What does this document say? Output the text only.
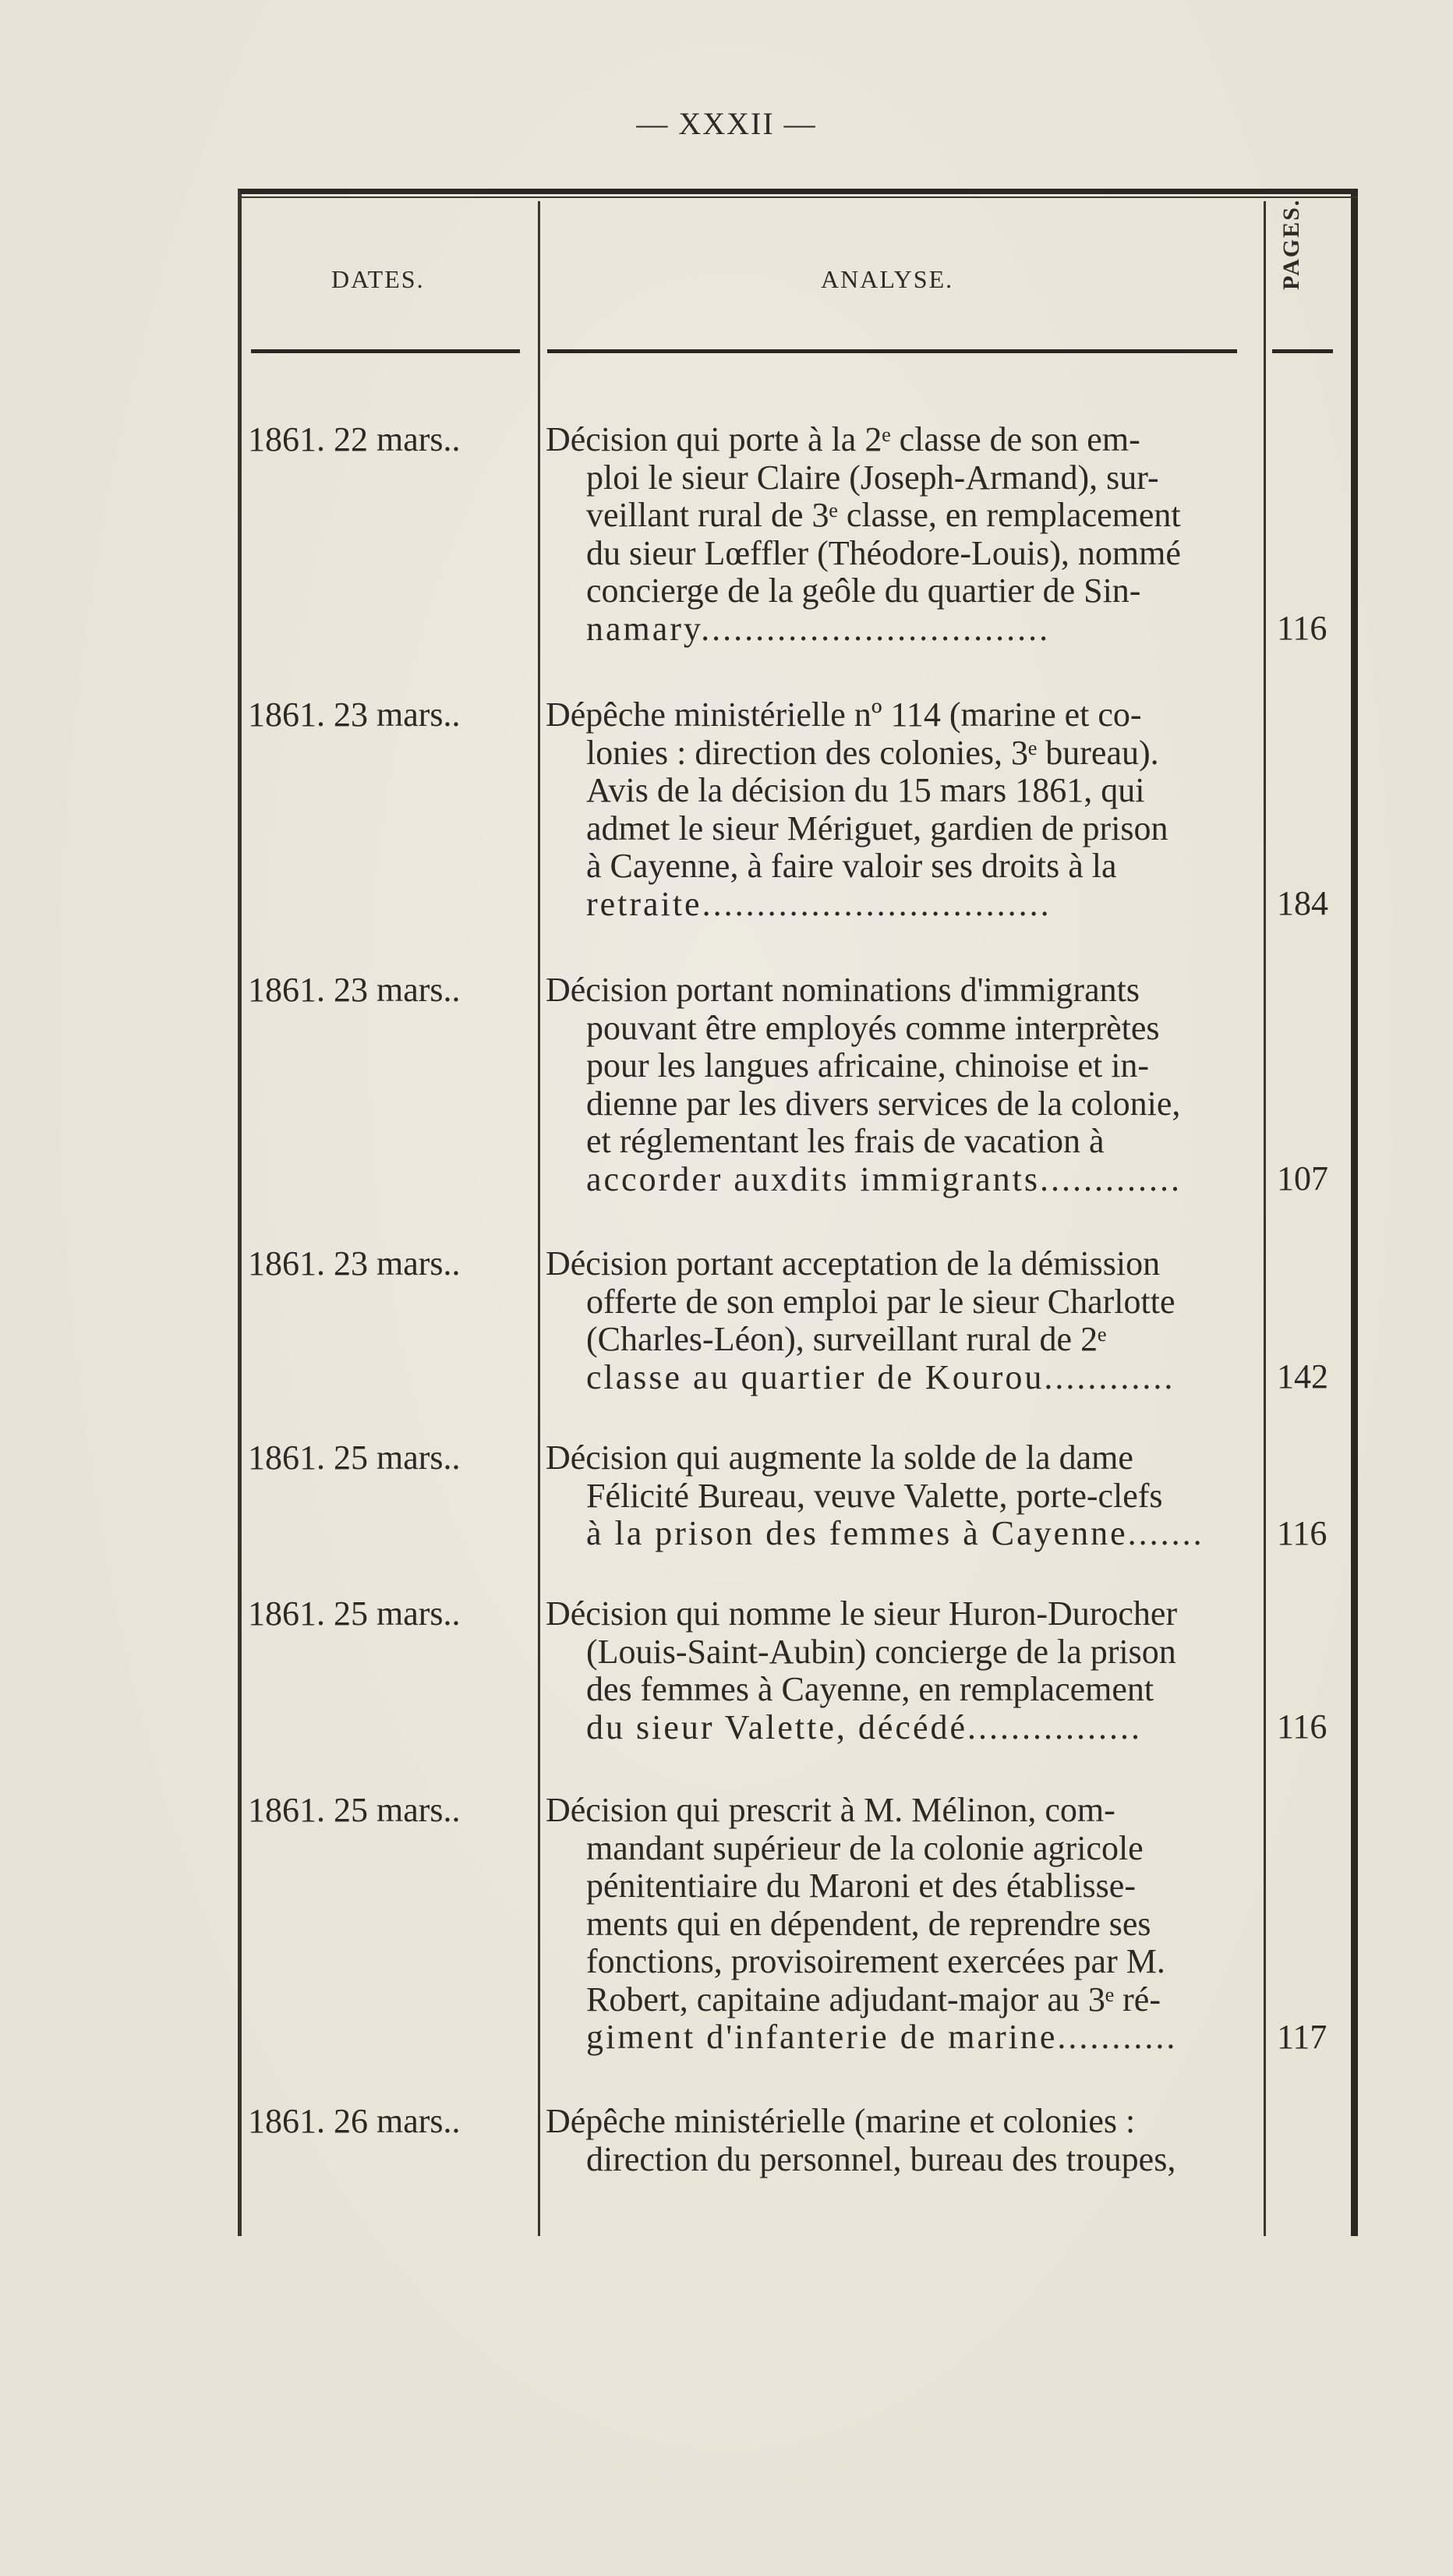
— XXXII —
DATES.	ANALYSE.	PAGES.
1861. 22 mars.. Décision qui porte à la 2ᵉ classe de son em-
ploi le sieur Claire (Joseph-Armand), sur-
veillant rural de 3ᵉ classe, en remplacement
du sieur Lœffler (Théodore-Louis), nommé
concierge de la geôle du quartier de Sin-
namary................................	116
1861. 23 mars.. Dépêche ministérielle nº 114 (marine et co-
lonies : direction des colonies, 3ᵉ bureau).
Avis de la décision du 15 mars 1861, qui
admet le sieur Mériguet, gardien de prison
à Cayenne, à faire valoir ses droits à la
retraite................................	184
1861. 23 mars.. Décision portant nominations d'immigrants
pouvant être employés comme interprètes
pour les langues africaine, chinoise et in-
dienne par les divers services de la colonie,
et réglementant les frais de vacation à
accorder auxdits immigrants.............	107
1861. 23 mars.. Décision portant acceptation de la démission
offerte de son emploi par le sieur Charlotte
(Charles-Léon), surveillant rural de 2ᵉ
classe au quartier de Kourou............	142
1861. 25 mars.. Décision qui augmente la solde de la dame
Félicité Bureau, veuve Valette, porte-clefs
à la prison des femmes à Cayenne.......	116
1861. 25 mars.. Décision qui nomme le sieur Huron-Durocher
(Louis-Saint-Aubin) concierge de la prison
des femmes à Cayenne, en remplacement
du sieur Valette, décédé................	116
1861. 25 mars.. Décision qui prescrit à M. Mélinon, com-
mandant supérieur de la colonie agricole
pénitentiaire du Maroni et des établisse-
ments qui en dépendent, de reprendre ses
fonctions, provisoirement exercées par M.
Robert, capitaine adjudant-major au 3ᵉ ré-
giment d'infanterie de marine...........	117
1861. 26 mars.. Dépêche ministérielle (marine et colonies :
direction du personnel, bureau des troupes,
